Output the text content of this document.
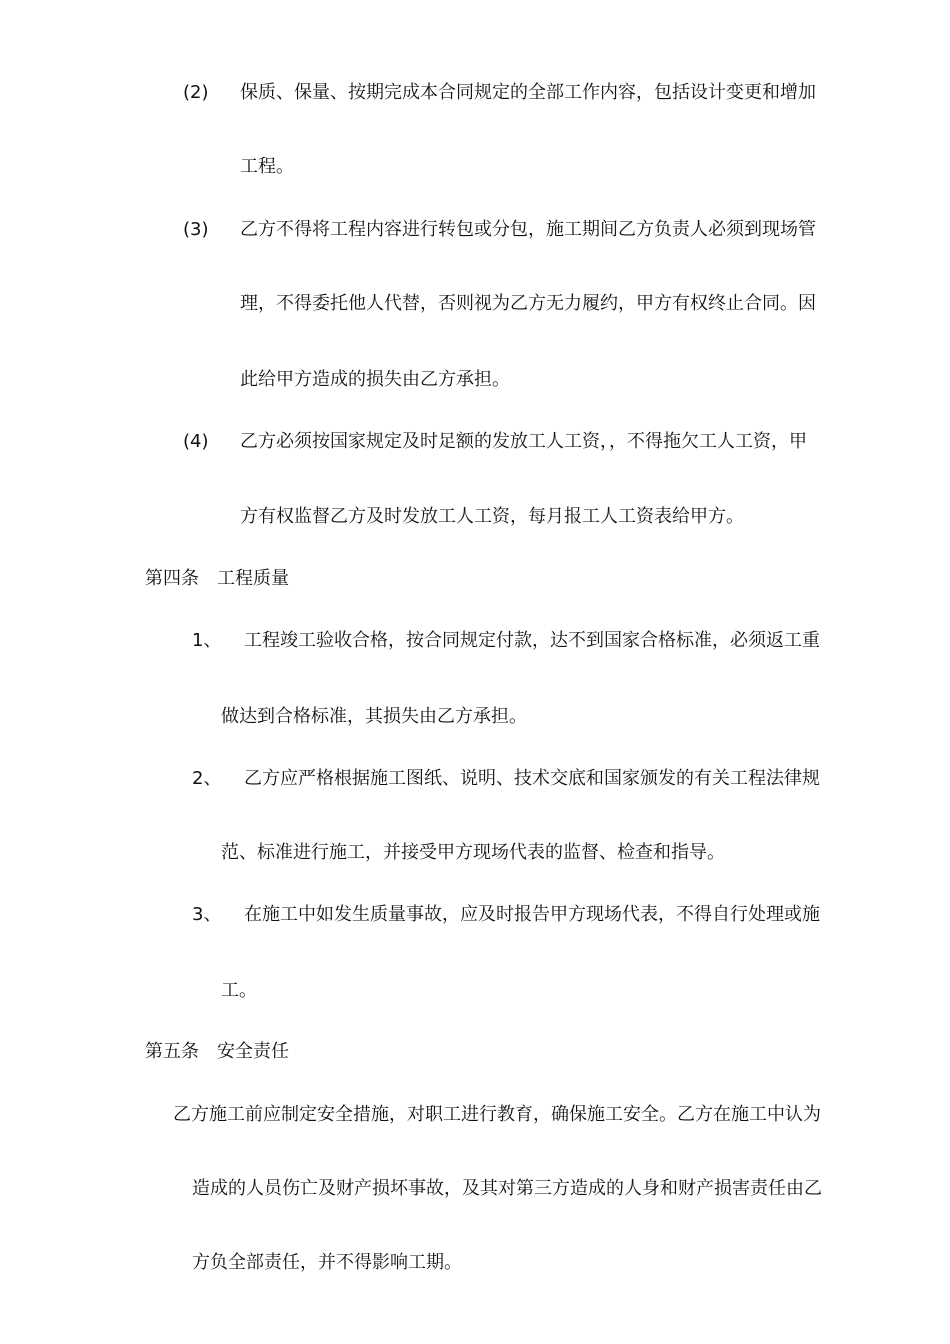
(2) 保质、保量、按期完成本合同规定的全部工作内容，包括设计变更和增加
工程。
(3) 乙方不得将工程内容进行转包或分包，施工期间乙方负责人必须到现场管
理，不得委托他人代替，否则视为乙方无力履约，甲方有权终止合同。因
此给甲方造成的损失由乙方承担。
(4) 乙方必须按国家规定及时足额的发放工人工资，，不得拖欠工人工资，甲
方有权监督乙方及时发放工人工资，每月报工人工资表给甲方。
第四条　工程质量
1、 工程竣工验收合格，按合同规定付款，达不到国家合格标准，必须返工重
做达到合格标准，其损失由乙方承担。
2、 乙方应严格根据施工图纸、说明、技术交底和国家颁发的有关工程法律规
范、标准进行施工，并接受甲方现场代表的监督、检查和指导。
3、 在施工中如发生质量事故，应及时报告甲方现场代表，不得自行处理或施
工。
第五条　安全责任
乙方施工前应制定安全措施，对职工进行教育，确保施工安全。乙方在施工中认为
造成的人员伤亡及财产损坏事故，及其对第三方造成的人身和财产损害责任由乙
方负全部责任，并不得影响工期。
